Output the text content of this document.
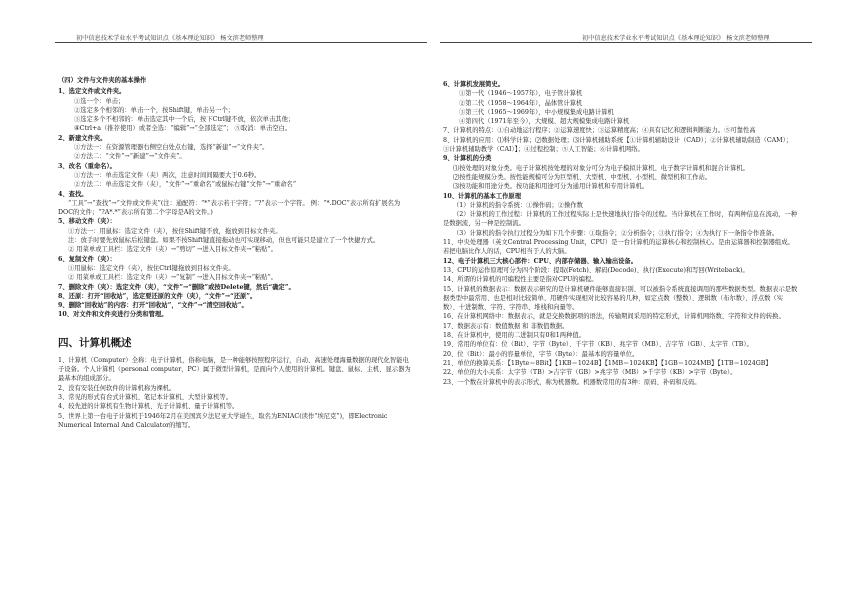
初中信息技术学业水平考试知识点《基本理论知识》 杨文滨老师整理	初中信息技术学业水平考试知识点《基本理论知识》 杨文滨老师整理
（四）文件与文件夹的基本操作
1、选定文件或文件夹。
①选一个：单击；
②选定多个相邻的：单击一个，按Shift键，单击另一个；
③选定多个不相邻的：单击选定其中一个后，按下Ctrl键不放，依次单击其他；
④Ctrl+a（推荐使用）或者全选：“编辑”→“全部选定”； ⑤取消：单击空白。
2、新建文件夹。
①方法一：在资源管理器右侧空白处点右键，选择“新建”→“文件夹”。
②方法二：“文件”→“新建”→“文件夹”。
3、改名（重命名）。
①方法一：单击选定文件（夹）两次，注意时间间隔要大于0.6秒。
②方法二：单击选定文件（夹），“文件”→“重命名”或鼠标右键“文件”→“重命名”
4、查找。
“工具”→“查找”→“文件或文件夹”(注：通配符：“*”表示若干字符；“?”表示一个字符。 例：“*.DOC”表示所有扩展名为DOC的文件；“?A*.*”表示所有第二个字母是A的文件。)
5、移动文件（夹）：
①方法一：用鼠标：选定文件（夹），按住Shift键不放，拖放到目标文件夹。
注：放手时要先放鼠标后松键盘。如果不按Shift键直接拖动也可实现移动，但也可能只是建立了一个快捷方式。
② 用菜单或工具栏：选定文件（夹）→“剪切” →进入目标文件夹→“粘贴”。
6、复制文件（夹）：
①用鼠标：选定文件（夹），按住Ctrl键拖放到目标文件夹。
② 用菜单或工具栏：选定文件（夹）→“复制” →进入目标文件夹→“粘贴”。
7、删除文件（夹）：选定文件（夹），“文件”→“删除”或按Delete键，然后“确定”。
8、还原：打开“回收站”，选定要还原的文件（夹），“文件”→“还原”。
9、删除“回收站”的内容：打开“回收站”，“文件”→“清空回收站”。
10、对文件和文件夹进行分类和管理。
四、计算机概述
1、计算机（Computer）全称：电子计算机，俗称电脑，是一种能够按照程序运行，自动、高速处理海量数据的现代化智能电子设备。个人计算机（personal computer，PC）属于微型计算机，是面向个人使用的计算机。键盘、鼠标、主机、显示器为最基本的组成部分。
2、没有安装任何软件的计算机称为裸机。
3、常见的形式有台式计算机、笔记本计算机、大型计算机等。
4、较先进的计算机有生物计算机、光子计算机、量子计算机等。
5、世界上第一台电子计算机于1946年2月在美国宾夕法尼亚大学诞生，取名为ENIAC(读作“埃尼克”)，即Electronic Numerical Internal And Calculator的缩写。
6、计算机发展简史。
①第一代（1946～1957年），电子管计算机
②第二代（1958～1964年），晶体管计算机
③第三代（1965～1969年），中小规模集成电路计算机
④第四代（1971年至今），大规模、超大规模集成电路计算机
7、计算机的特点：①自动地运行程序；②运算速度快；③运算精度高；④具有记忆和逻辑判断能力。⑤可靠性高
8、计算机的应用：⑴科学计算；⑵数据处理；⑶计算机辅助系统【①计算机辅助设计（CAD）；②计算机辅助制造（CAM）；③计算机辅助教学（CAI）】；④过程控制；⑤人工智能；⑥计算机网络。
9、计算机的分类
⑴按处理的对象分类。电子计算机按处理的对象分可分为电子模拟计算机、电子数字计算机和混合计算机。
⑵按性能规模分类。按性能规模可分为巨型机、大型机、中型机、小型机、微型机和工作站。
⑶按功能和用途分类。按功能和用途可分为通用计算机和专用计算机。
10、计算机的基本工作原理
（1）计算机的指令系统：①操作码；②操作数
（2）计算机的工作过程：计算机的工作过程实际上是快速地执行指令的过程。当计算机在工作时，有两种信息在流动，一种是数据流，另一种是控制流。
（3）计算机的指令执行过程分为如下几个步骤：①取指令；②分析指令；③执行指令；④为执行下一条指令作准备。
11、中央处理器（英文Central Processing Unit，CPU）是一台计算机的运算核心和控制核心。是由运算器和控制器组成。若把电脑比作人的话，CPU相当于人的大脑。
12、电子计算机三大核心部件：CPU、内部存储器、输入输出设备。
13、CPU的运作原理可分为四个阶段：提取(Fetch)、解码(Decode)、执行(Execute)和写回(Writeback)。
14、所谓的计算机的可编程性主要是指对CPU的编程。
15、计算机的数据表示：数据表示研究的是计算机硬件能够直接识别、可以被指令系统直接调用的那些数据类型。数据表示是数据类型中最常用、也是相对比较简单、用硬件实现相对比较容易的几种，如定点数（整数）、逻辑数（布尔数）、浮点数（实数）、十进制数、字符、字符串、堆栈和向量等。
16、在计算机网络中：数据表示，就是交换数据项的语法，传输期间采用的特定形式，计算机网络数、字符和文件的转换。
17、数据表示有：数值数据 和 非数值数据。
18、在计算机中，使用的二进制只有0和1两种值。
19、常用的单位有：位（Bit）、字节（Byte）、千字节（KB）、兆字节（MB）、吉字节（GB）、太字节（TB）。
20、位（Bit）：最小的容量单位，字节（Byte）：最基本的容量单位。
21、单位的换算关系：【1Byte＝8Bit】【1KB＝1024B】【1MB＝1024KB】【1GB＝1024MB】【1TB＝1024GB】
22、单位的大小关系：太字节（TB）>吉字节（GB）>兆字节（MB）>千字节（KB）>字节（Byte）。
23、一个数在计算机中的表示形式，称为机器数。机器数常用的有3种：原码、补码和反码。
